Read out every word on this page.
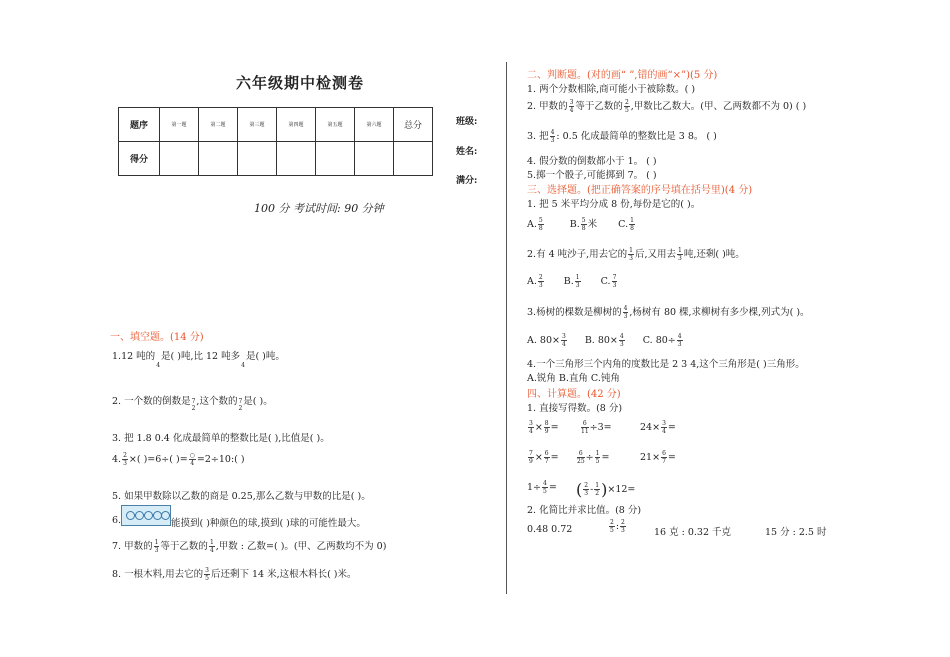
六年级期中检测卷
题序	第一题	第二题	第三题	第四题	第五题	第六题	总分
得分							
班级:
姓名:
满分:
100 分 考试时间: 90 分钟
一、填空题。(14 分)
1.12 吨的

4
是( )吨,比 12 吨多

4
是( )吨。
2. 一个数的倒数是 7
2
,这个数的 7
2
是( )。
3. 把 1.8 0.4 化成最简单的整数比是( ),比值是( )。
4. $\frac{2}{3}$ ×( )=6÷( )= ○
4 =2÷10:( )
5. 如果甲数除以乙数的商是 0.25,那么乙数与甲数的比是( )。
6.	能摸到( )种颜色的球,摸到( )球的可能性最大。
7. 甲数的 $\frac{1}{3}$ 等于乙数的 $\frac{1}{4}$ ,甲数 : 乙数=( )。(甲、乙两数均不为 0)
8. 一根木料,用去它的 $\frac{3}{5}$ 后还剩下 14 米,这根木料长( )米。
二、判断题。(对的画“ ”,错的画“×”)(5 分)
1. 两个分数相除,商可能小于被除数。( )
2. 甲数的 $\frac{3}{4}$ 等于乙数的 $\frac{2}{5}$ ,甲数比乙数大。(甲、乙两数都不为 0) ( )
3. 把 $\frac{4}{3}$ : 0.5 化成最简单的整数比是 3 8。 ( )
4. 假分数的倒数都小于 1。 ( )
5.掷一个骰子,可能掷到 7。 ( )
三、选择题。(把正确答案的序号填在括号里)(4 分)
1. 把 5 米平均分成 8 份,每份是它的( )。
A. $\frac{5}{8}$	B. $\frac{5}{8}$ 米 C. $\frac{1}{8}$
2.有 4 吨沙子,用去它的 $\frac{1}{3}$ 后,又用去 $\frac{1}{3}$ 吨,还剩( )吨。
A. $\frac{2}{3} B$. $\frac{1}{3} C$. $\frac{7}{3}$
3.杨树的棵数是柳树的 $\frac{4}{3}$ ,杨树有 80 棵,求柳树有多少棵,列式为( )。
A. $80\times \frac{3}{4} B$. $80\times \frac{4}{3} C$. $80\div \frac{4}{3}$
4.一个三角形三个内角的度数比是 2 3 4,这个三角形是( )三角形。
A.锐角 B.直角 C.钝角
四、计算题。(42 分)
1. 直接写得数。(8 分)
$\frac{3}{4} \times \frac{8}{9}$ =	$\frac{6}{11} \div 3=$	$24\times \frac{3}{4}$ =
$\frac{7}{9} \times \frac{6}{7}$ =	$\frac{6}{25} \div \frac{1}{5}$ =	$21\times \frac{6}{7}$ =
$1\div \frac{4}{5}$ = ( $\frac{2}{3} - \frac{1}{2} )\times 12=$
2. 化简比并求比值。(8 分)
0.48 0.72	$\frac{2}{5}$ : $\frac{2}{3}$	16 克 : 0.32 千克	15 分 : 2.5 时
